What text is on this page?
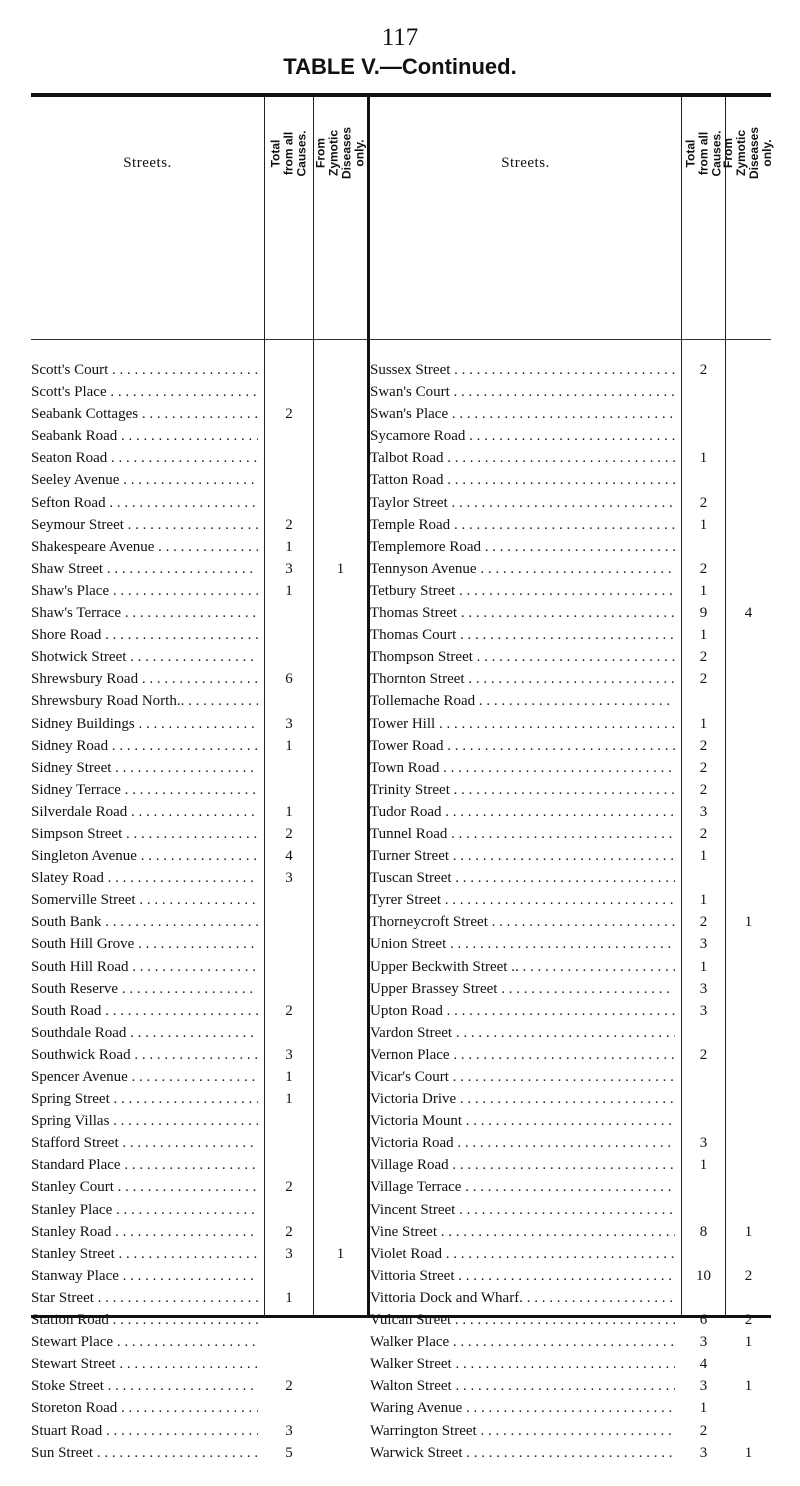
117
TABLE V.—Continued.
Streets.	Total from all Causes. From Zymotic Diseases only.	Streets.	Total from all Causes.
From Zymotic Diseases only.
Scott's Court . . .
Scott's Place . . .
Seabank Cottages . . .	2
Seabank Road . . .
Seaton Road . . .
Seeley Avenue . . .
Sefton Road . . .
Seymour Street . . .	2
Shakespeare Avenue . . .	1
Shaw Street . . .	3	1
Shaw's Place . . .	1
Shaw's Terrace . . .
Shore Road . . .
Shotwick Street . . .
Shrewsbury Road . . .	6
Shrewsbury Road North.. . . .
Sidney Buildings . . .	3
Sidney Road . . .	1
Sidney Street . . .
Sidney Terrace . . .
Silverdale Road . . .	1
Simpson Street . . .	2
Singleton Avenue . . .	4
Slatey Road . . .	3
Somerville Street . . .
South Bank . . .
South Hill Grove . . .
South Hill Road . . .
South Reserve . . .
South Road . . .	2
Southdale Road . . .
Southwick Road . . .	3
Spencer Avenue . . .	1
Spring Street . . .	1
Spring Villas . . .
Stafford Street . . .
Standard Place . . .
Stanley Court . . .	2
Stanley Place . . .
Stanley Road . . .	2
Stanley Street . . .	3	1
Stanway Place . . .
Star Street . . .	1
Station Road . . .
Stewart Place . . .
Stewart Street . . .
Stoke Street . . .	2
Storeton Road . . .
Stuart Road . . .	3
Sun Street . . .	5
Sussex Street . . .	2
Swan's Court . . .
Swan's Place . . .
Sycamore Road . . .
Talbot Road . . .	1
Tatton Road . . .
Taylor Street . . .	2
Temple Road . . .	1
Templemore Road . . .
Tennyson Avenue . . .	2
Tetbury Street . . .	1
Thomas Street . . .	9	4
Thomas Court . . .	1
Thompson Street . . .	2
Thornton Street . . .	2
Tollemache Road . . .
Tower Hill . . .	1
Tower Road . . .	2
Town Road . . .	2
Trinity Street . . .	2
Tudor Road . . .	3
Tunnel Road . . .	2
Turner Street . . .	1
Tuscan Street . . .
Tyrer Street . . .	1
Thorneycroft Street . . .	2	1
Union Street . . .	3
Upper Beckwith Street .. . . .	1
Upper Brassey Street . . .	3
Upton Road . . .	3
Vardon Street . . .
Vernon Place . . .	2
Vicar's Court . . .
Victoria Drive . . .
Victoria Mount . . .
Victoria Road . . .	3
Village Road . . .	1
Village Terrace . . .
Vincent Street . . .
Vine Street . . .	8	1
Violet Road . . .
Vittoria Street . . .	10	2
Vittoria Dock and Wharf. . . .
Vulcan Street . . .	6	2
Walker Place . . .	3	1
Walker Street . . .	4
Walton Street . . .	3	1
Waring Avenue . . .	1
Warrington Street . . .	2
Warwick Street . . .	3	1
